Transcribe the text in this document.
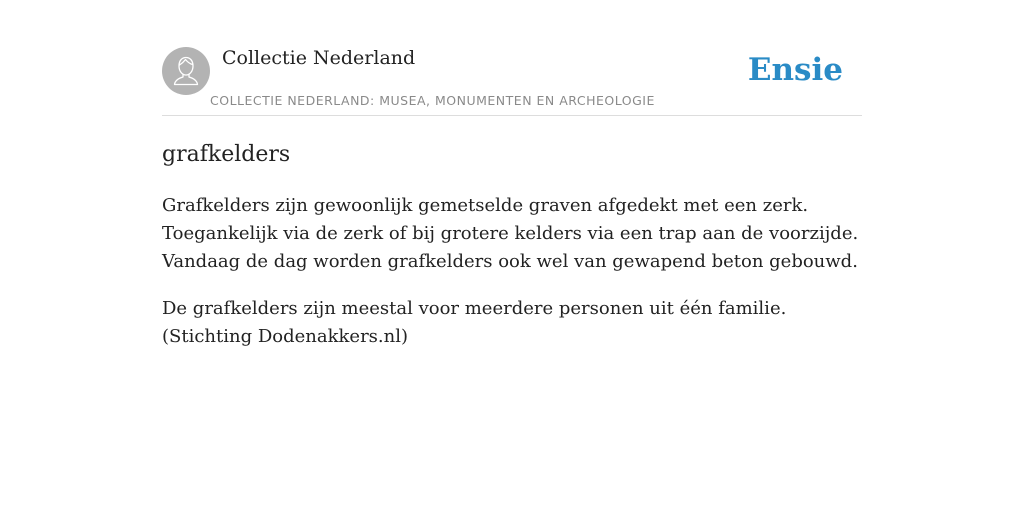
Collectie Nederland
COLLECTIE NEDERLAND: MUSEA, MONUMENTEN EN ARCHEOLOGIE
Ensie
grafkelders

Grafkelders zijn gewoonlijk gemetselde graven afgedekt met een zerk. Toegankelijk via de zerk of bij grotere kelders via een trap aan de voorzijde. Vandaag de dag worden grafkelders ook wel van gewapend beton gebouwd.

De grafkelders zijn meestal voor meerdere personen uit één familie. (Stichting Dodenakkers.nl)
